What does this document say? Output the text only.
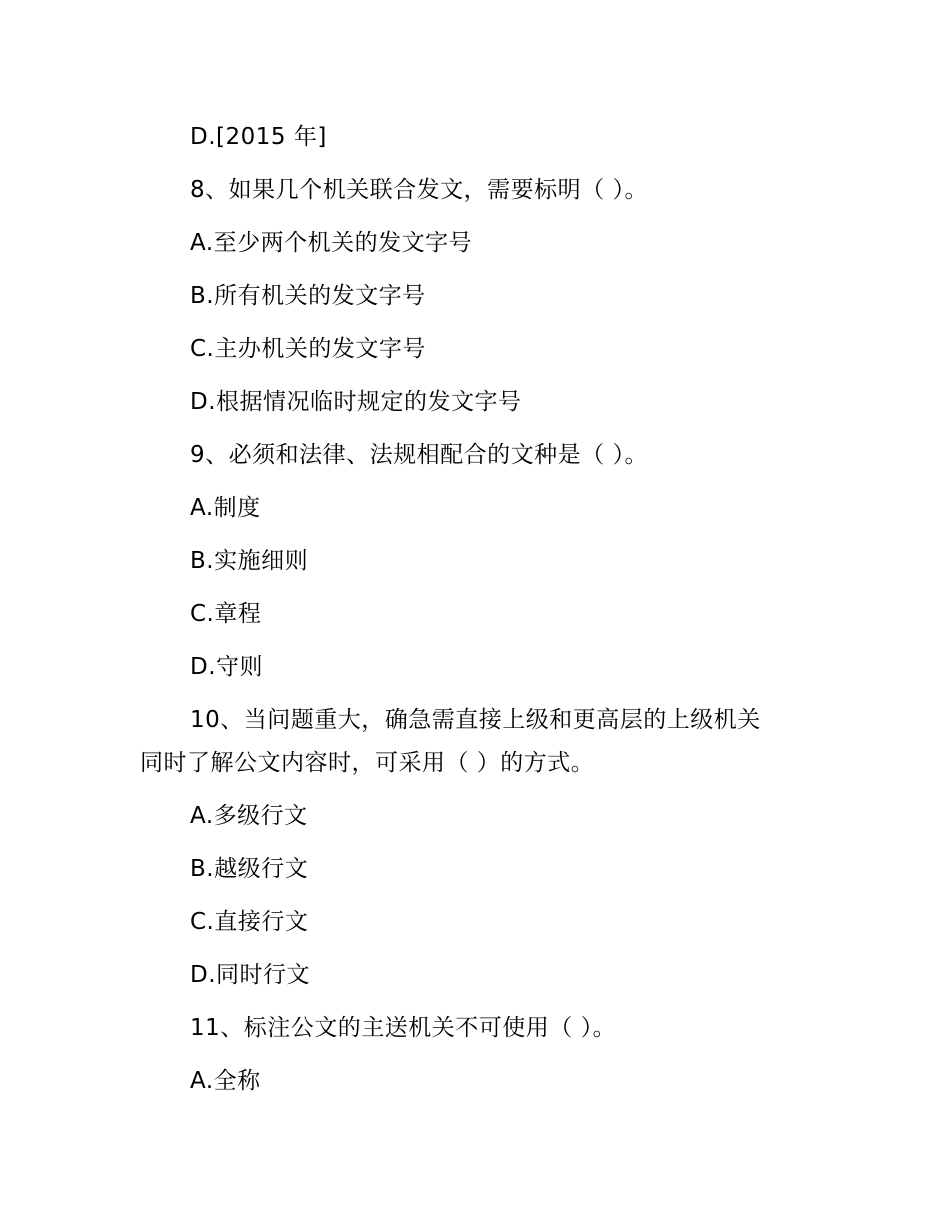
D.[2015 年]
8、如果几个机关联合发文，需要标明（ ）。
A.至少两个机关的发文字号
B.所有机关的发文字号
C.主办机关的发文字号
D.根据情况临时规定的发文字号
9、必须和法律、法规相配合的文种是（ ）。
A.制度
B.实施细则
C.章程
D.守则
10、当问题重大，确急需直接上级和更高层的上级机关
同时了解公文内容时，可采用（ ）的方式。
A.多级行文
B.越级行文
C.直接行文
D.同时行文
11、标注公文的主送机关不可使用（ ）。
A.全称
